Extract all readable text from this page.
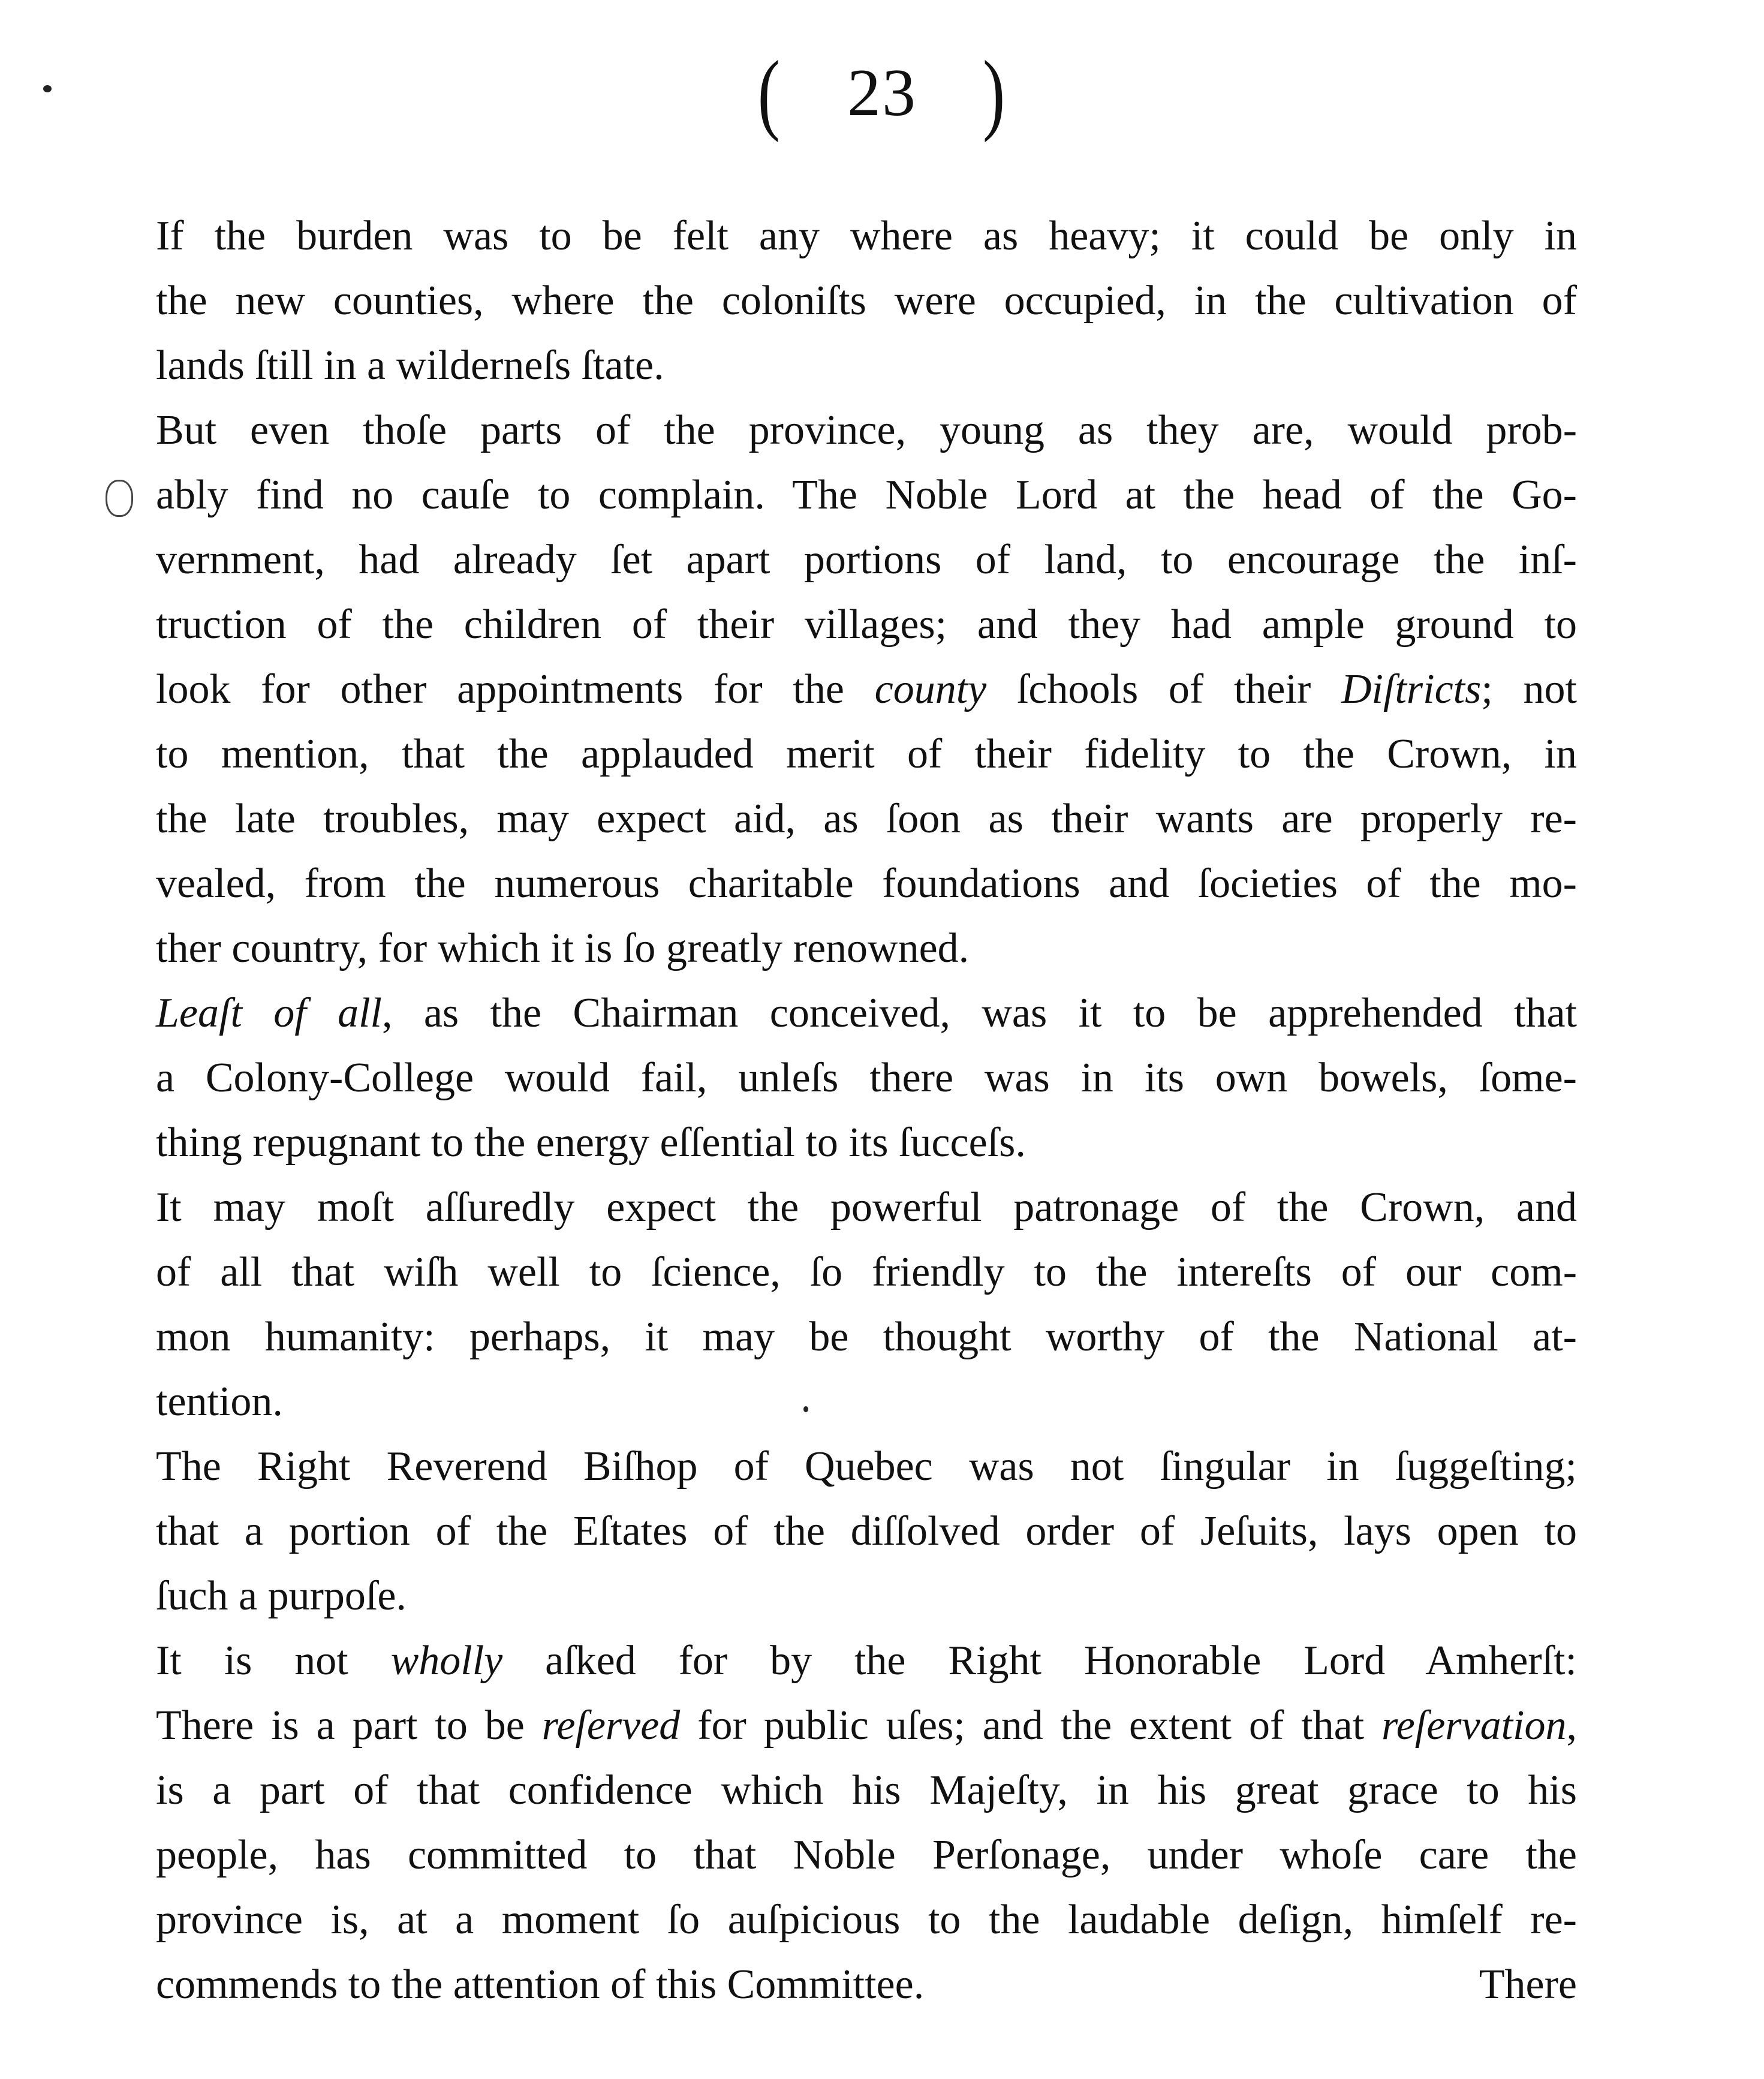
( 23 )
If the burden was to be felt any where as heavy; it could be only in
the new counties, where the coloniſts were occupied, in the cultivation of
lands ſtill in a wilderneſs ſtate.
But even thoſe parts of the province, young as they are, would prob-
ably find no cauſe to complain. The Noble Lord at the head of the Go-
vernment, had already ſet apart portions of land, to encourage the inſ-
truction of the children of their villages; and they had ample ground to
look for other appointments for the county ſchools of their Diſtricts; not
to mention, that the applauded merit of their fidelity to the Crown, in
the late troubles, may expect aid, as ſoon as their wants are properly re-
vealed, from the numerous charitable foundations and ſocieties of the mo-
ther country, for which it is ſo greatly renowned.
Leaſt of all, as the Chairman conceived, was it to be apprehended that
a Colony-College would fail, unleſs there was in its own bowels, ſome-
thing repugnant to the energy eſſential to its ſucceſs.
It may moſt aſſuredly expect the powerful patronage of the Crown, and
of all that wiſh well to ſcience, ſo friendly to the intereſts of our com-
mon humanity: perhaps, it may be thought worthy of the National at-
tention.
The Right Reverend Biſhop of Quebec was not ſingular in ſuggeſting;
that a portion of the Eſtates of the diſſolved order of Jeſuits, lays open to
ſuch a purpoſe.
It is not wholly aſked for by the Right Honorable Lord Amherſt:
There is a part to be reſerved for public uſes; and the extent of that reſervation,
is a part of that confidence which his Majeſty, in his great grace to his
people, has committed to that Noble Perſonage, under whoſe care the
province is, at a moment ſo auſpicious to the laudable deſign, himſelf re-
commends to the attention of this Committee.	There
